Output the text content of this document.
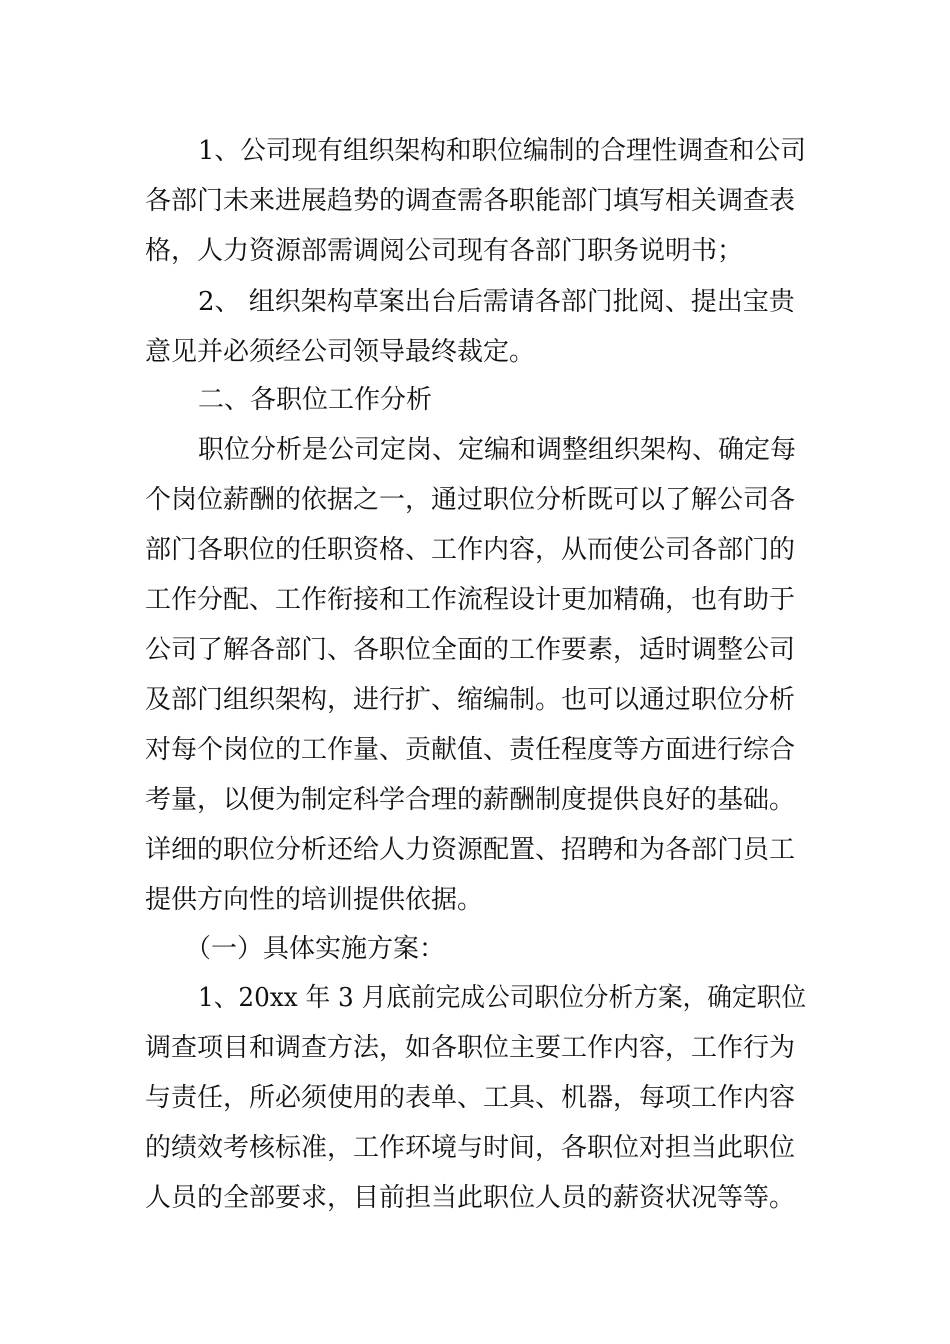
1、公司现有组织架构和职位编制的合理性调查和公司
各部门未来进展趋势的调查需各职能部门填写相关调查表
格，人力资源部需调阅公司现有各部门职务说明书；
2、 组织架构草案出台后需请各部门批阅、提出宝贵
意见并必须经公司领导最终裁定。
二、各职位工作分析
职位分析是公司定岗、定编和调整组织架构、确定每
个岗位薪酬的依据之一，通过职位分析既可以了解公司各
部门各职位的任职资格、工作内容，从而使公司各部门的
工作分配、工作衔接和工作流程设计更加精确，也有助于
公司了解各部门、各职位全面的工作要素，适时调整公司
及部门组织架构，进行扩、缩编制。也可以通过职位分析
对每个岗位的工作量、贡献值、责任程度等方面进行综合
考量，以便为制定科学合理的薪酬制度提供良好的基础。
详细的职位分析还给人力资源配置、招聘和为各部门员工
提供方向性的培训提供依据。
（一）具体实施方案：
1、20xx 年 3 月底前完成公司职位分析方案，确定职位
调查项目和调查方法，如各职位主要工作内容，工作行为
与责任，所必须使用的表单、工具、机器，每项工作内容
的绩效考核标准，工作环境与时间，各职位对担当此职位
人员的全部要求，目前担当此职位人员的薪资状况等等。
